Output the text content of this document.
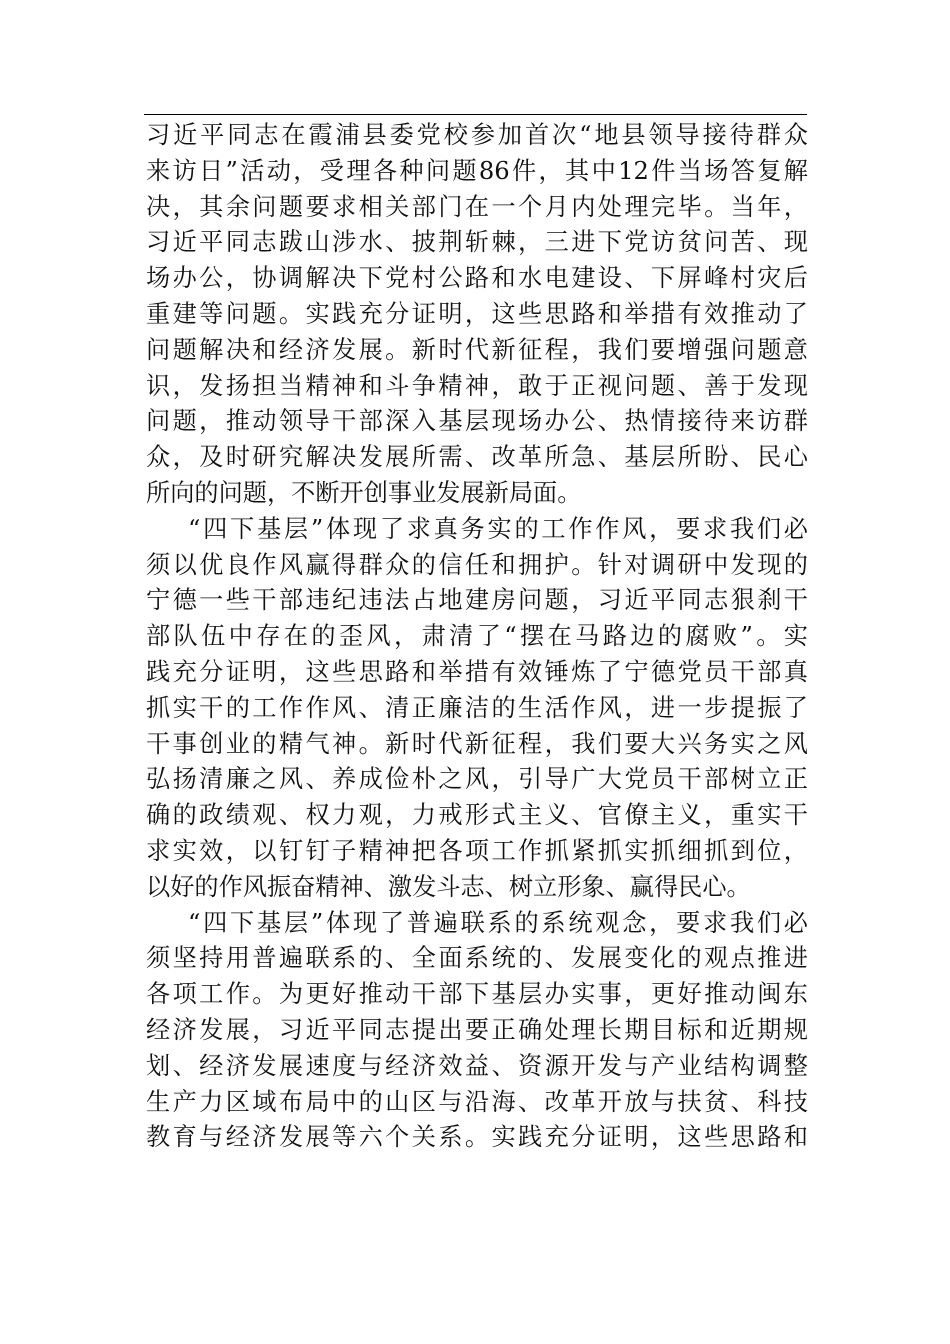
习近平同志在霞浦县委党校参加首次“地县领导接待群众
来访日”活动，受理各种问题86件，其中12件当场答复解
决，其余问题要求相关部门在一个月内处理完毕。当年，
习近平同志跋山涉水、披荆斩棘，三进下党访贫问苦、现
场办公，协调解决下党村公路和水电建设、下屏峰村灾后
重建等问题。实践充分证明，这些思路和举措有效推动了
问题解决和经济发展。新时代新征程，我们要增强问题意
识，发扬担当精神和斗争精神，敢于正视问题、善于发现
问题，推动领导干部深入基层现场办公、热情接待来访群
众，及时研究解决发展所需、改革所急、基层所盼、民心
所向的问题，不断开创事业发展新局面。
“四下基层”体现了求真务实的工作作风，要求我们必
须以优良作风赢得群众的信任和拥护。针对调研中发现的
宁德一些干部违纪违法占地建房问题，习近平同志狠刹干
部队伍中存在的歪风，肃清了“摆在马路边的腐败”。实
践充分证明，这些思路和举措有效锤炼了宁德党员干部真
抓实干的工作作风、清正廉洁的生活作风，进一步提振了
干事创业的精气神。新时代新征程，我们要大兴务实之风
弘扬清廉之风、养成俭朴之风，引导广大党员干部树立正
确的政绩观、权力观，力戒形式主义、官僚主义，重实干
求实效，以钉钉子精神把各项工作抓紧抓实抓细抓到位，
以好的作风振奋精神、激发斗志、树立形象、赢得民心。
“四下基层”体现了普遍联系的系统观念，要求我们必
须坚持用普遍联系的、全面系统的、发展变化的观点推进
各项工作。为更好推动干部下基层办实事，更好推动闽东
经济发展，习近平同志提出要正确处理长期目标和近期规
划、经济发展速度与经济效益、资源开发与产业结构调整
生产力区域布局中的山区与沿海、改革开放与扶贫、科技
教育与经济发展等六个关系。实践充分证明，这些思路和
